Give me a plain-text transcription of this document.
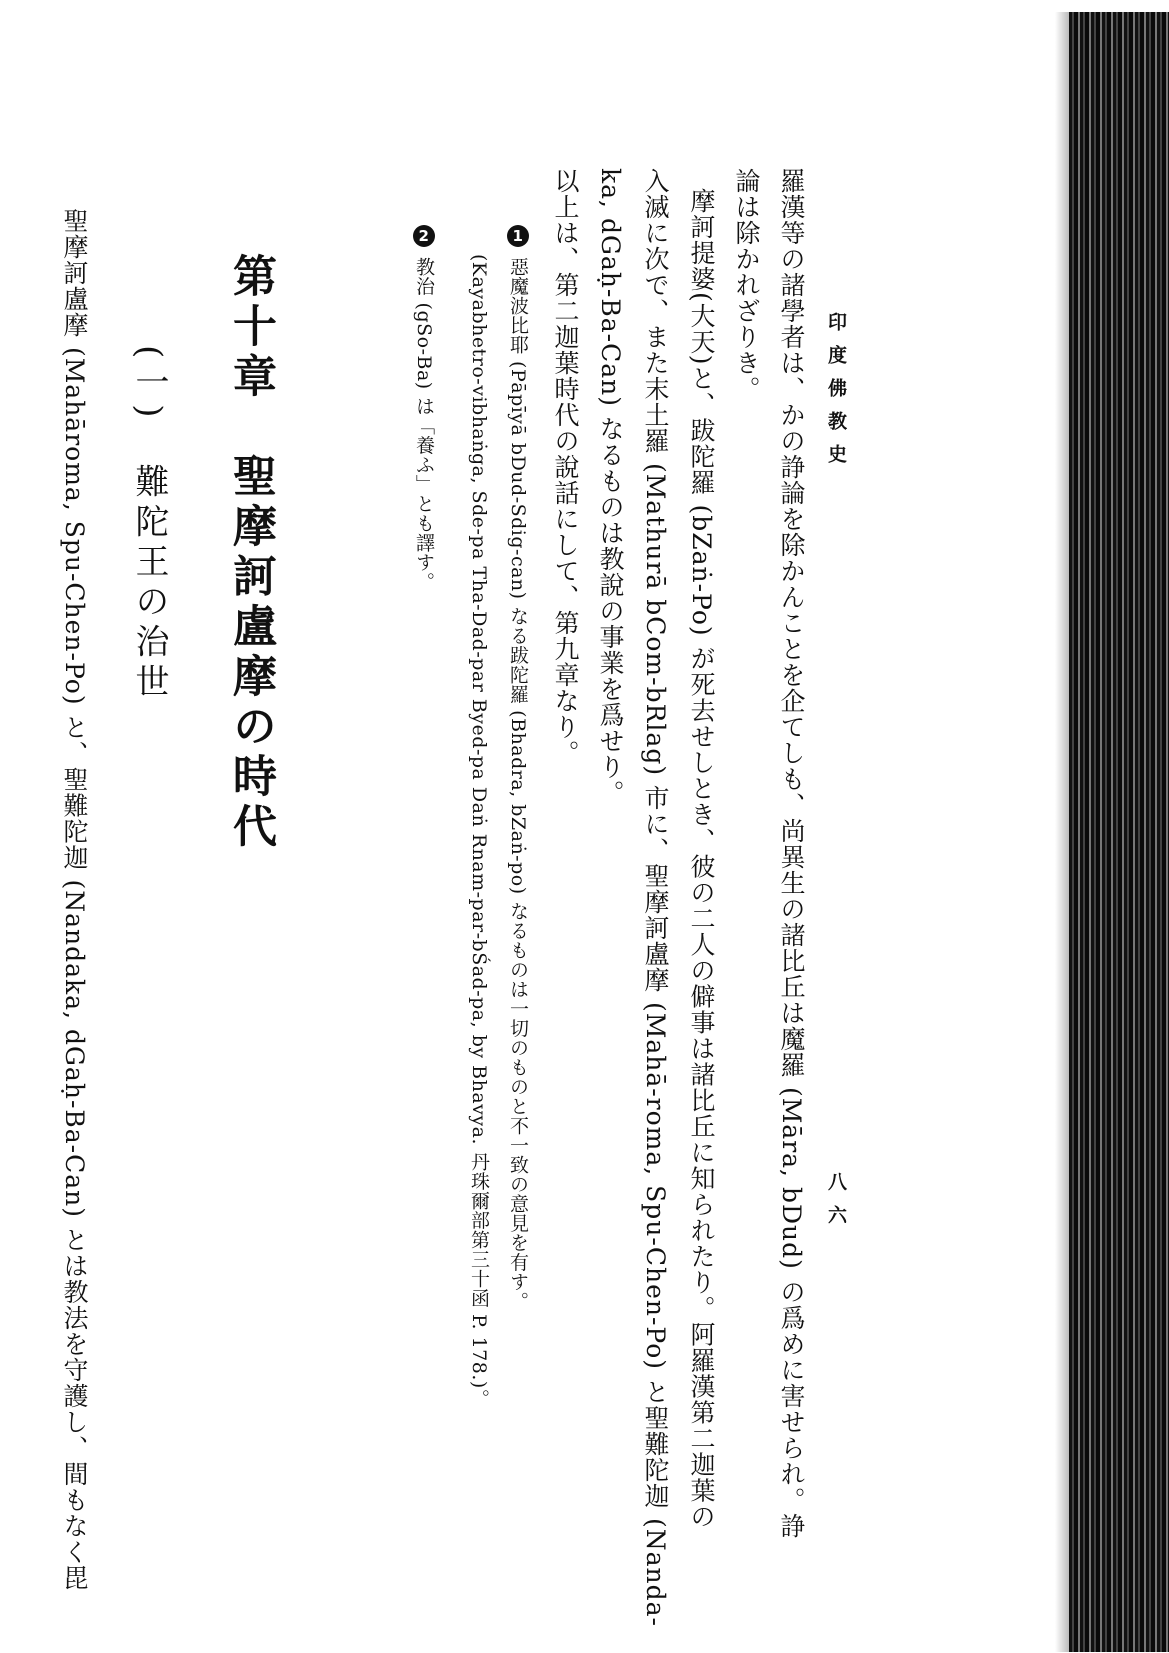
印度佛教史
八六
羅漢等の諸學者は、かの諍論を除かんことを企てしも、尚異生の諸比丘は魔羅 (Māra, bDud) の爲めに害せられ。諍
論は除かれざりき。
摩訶提婆(大天)と、跋陀羅 (bZaṅ-Po) が死去せしとき、彼の二人の僻事は諸比丘に知られたり。阿羅漢第二迦葉の
入滅に次で、また末土羅 (Mathurā bCom-bRlag) 市に、聖摩訶盧摩 (Mahā-roma, Spu-Chen-Po) と聖難陀迦 (Nanda-
ka, dGaḥ-Ba-Can) なるものは教說の事業を爲せり。
以上は、第二迦葉時代の說話にして、第九章なり。
1惡魔波比耶 (Pāpīyā bDud-Sdig-can) なる跋陀羅 (Bhadra, bZaṅ-po) なるものは一切のものと不一致の意見を有す。
(Kayabhetro-vibhaṅga, Sde-pa Tha-Dad-par Byed-pa Daṅ Rnam-par-bŚad-pa, by Bhavya. 丹珠爾部第三十函 P. 178.)。
2教治 (gSo-Ba) は「養ふ」とも譯す。
第十章　聖摩訶盧摩の時代
(一)　難陀王の治世
聖摩訶盧摩 (Mahāroma, Spu-Chen-Po) と、聖難陀迦 (Nandaka, dGaḥ-Ba-Can) とは教法を守護し、間もなく毘
